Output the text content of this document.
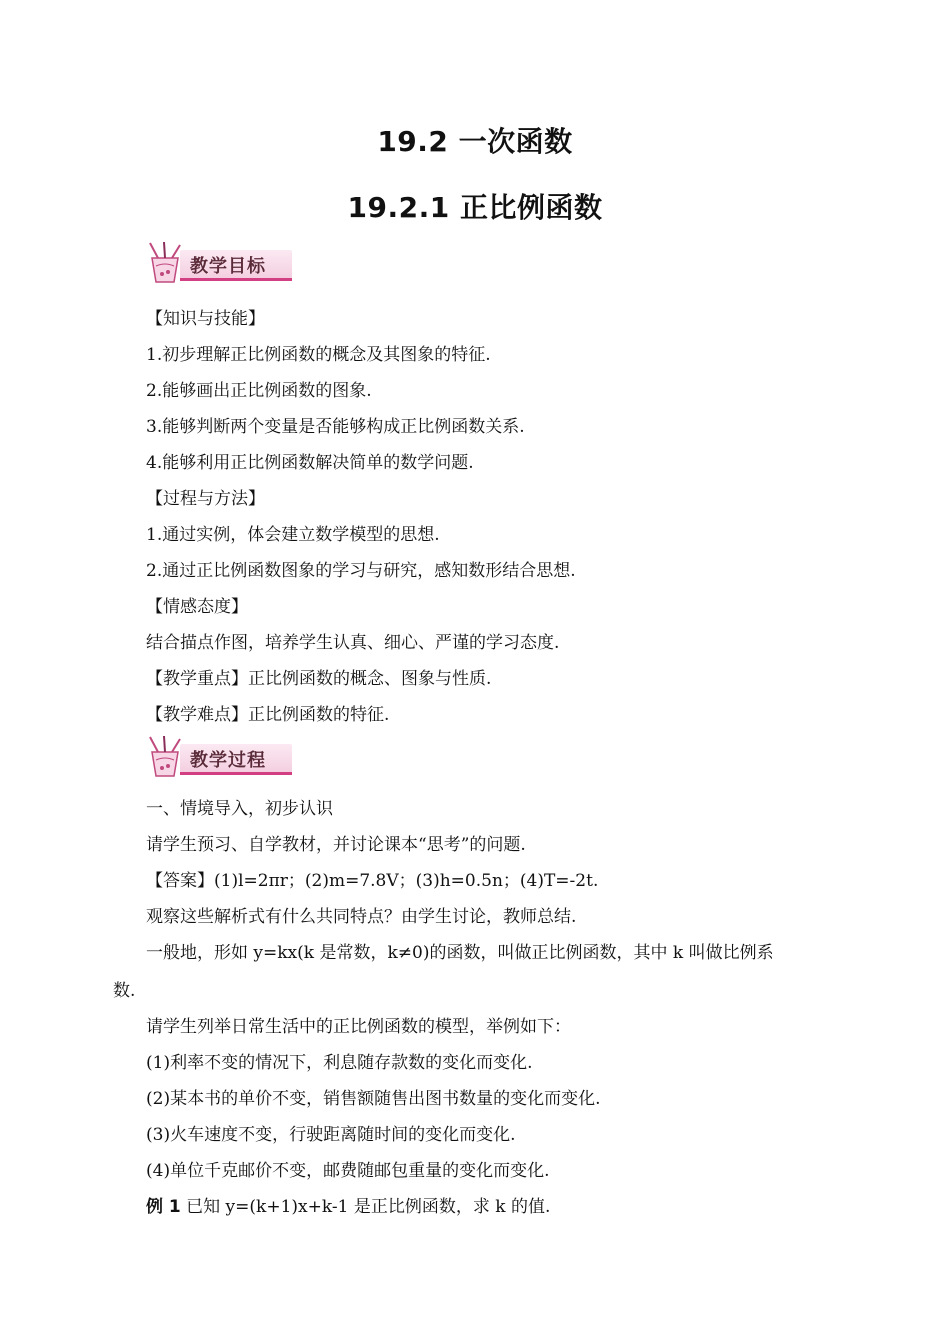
19.2 一次函数
19.2.1 正比例函数
教学目标
【知识与技能】
1.初步理解正比例函数的概念及其图象的特征.
2.能够画出正比例函数的图象.
3.能够判断两个变量是否能够构成正比例函数关系.
4.能够利用正比例函数解决简单的数学问题.
【过程与方法】
1.通过实例，体会建立数学模型的思想.
2.通过正比例函数图象的学习与研究，感知数形结合思想.
【情感态度】
结合描点作图，培养学生认真、细心、严谨的学习态度.
【教学重点】正比例函数的概念、图象与性质.
【教学难点】正比例函数的特征.
教学过程
一、情境导入，初步认识
请学生预习、自学教材，并讨论课本“思考”的问题.
【答案】(1)l=2πr；(2)m=7.8V；(3)h=0.5n；(4)T=-2t.
观察这些解析式有什么共同特点？由学生讨论，教师总结.
一般地，形如 y=kx(k 是常数，k≠0)的函数，叫做正比例函数，其中 k 叫做比例系
数.
请学生列举日常生活中的正比例函数的模型，举例如下：
(1)利率不变的情况下，利息随存款数的变化而变化.
(2)某本书的单价不变，销售额随售出图书数量的变化而变化.
(3)火车速度不变，行驶距离随时间的变化而变化.
(4)单位千克邮价不变，邮费随邮包重量的变化而变化.
例 1 已知 y=(k+1)x+k-1 是正比例函数，求 k 的值.
